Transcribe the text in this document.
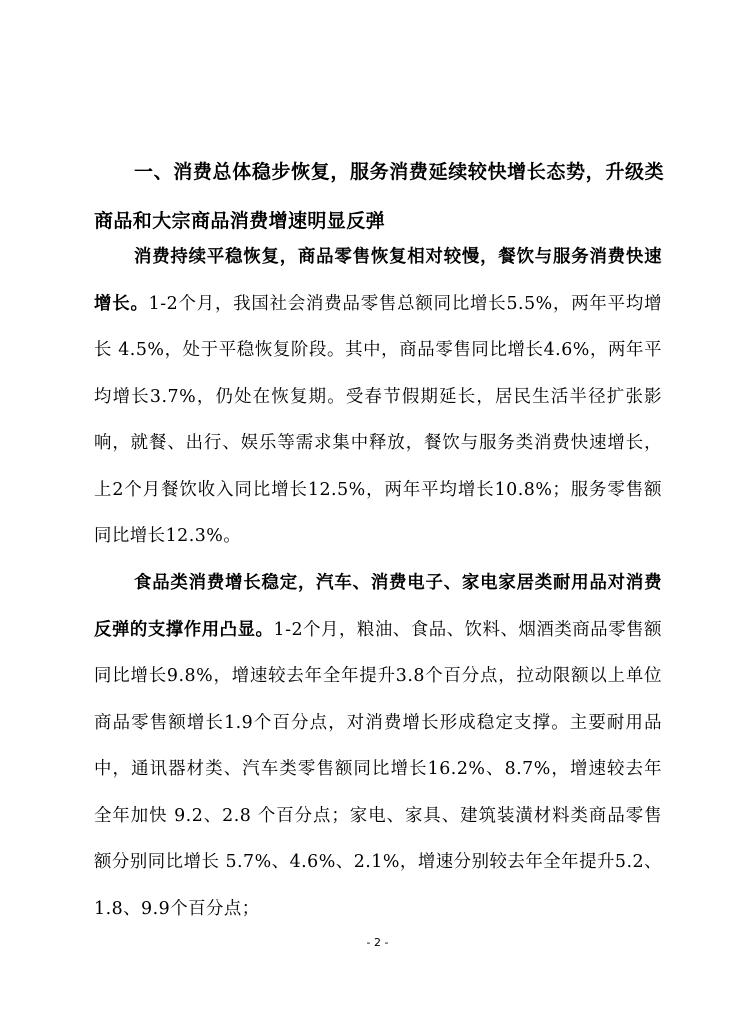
一、消费总体稳步恢复，服务消费延续较快增长态势，升级类商品和大宗商品消费增速明显反弹
消费持续平稳恢复，商品零售恢复相对较慢，餐饮与服务消费快速增长。1-2个月，我国社会消费品零售总额同比增长5.5%，两年平均增长 4.5%，处于平稳恢复阶段。其中，商品零售同比增长4.6%，两年平均增长3.7%，仍处在恢复期。受春节假期延长，居民生活半径扩张影响，就餐、出行、娱乐等需求集中释放，餐饮与服务类消费快速增长，上2个月餐饮收入同比增长12.5%，两年平均增长10.8%；服务零售额同比增长12.3%。
食品类消费增长稳定，汽车、消费电子、家电家居类耐用品对消费反弹的支撑作用凸显。1-2个月，粮油、食品、饮料、烟酒类商品零售额同比增长9.8%，增速较去年全年提升3.8个百分点，拉动限额以上单位商品零售额增长1.9个百分点，对消费增长形成稳定支撑。主要耐用品中，通讯器材类、汽车类零售额同比增长16.2%、8.7%，增速较去年全年加快 9.2、2.8 个百分点；家电、家具、建筑装潢材料类商品零售额分别同比增长 5.7%、4.6%、2.1%，增速分别较去年全年提升5.2、1.8、9.9个百分点；
- 2 -
